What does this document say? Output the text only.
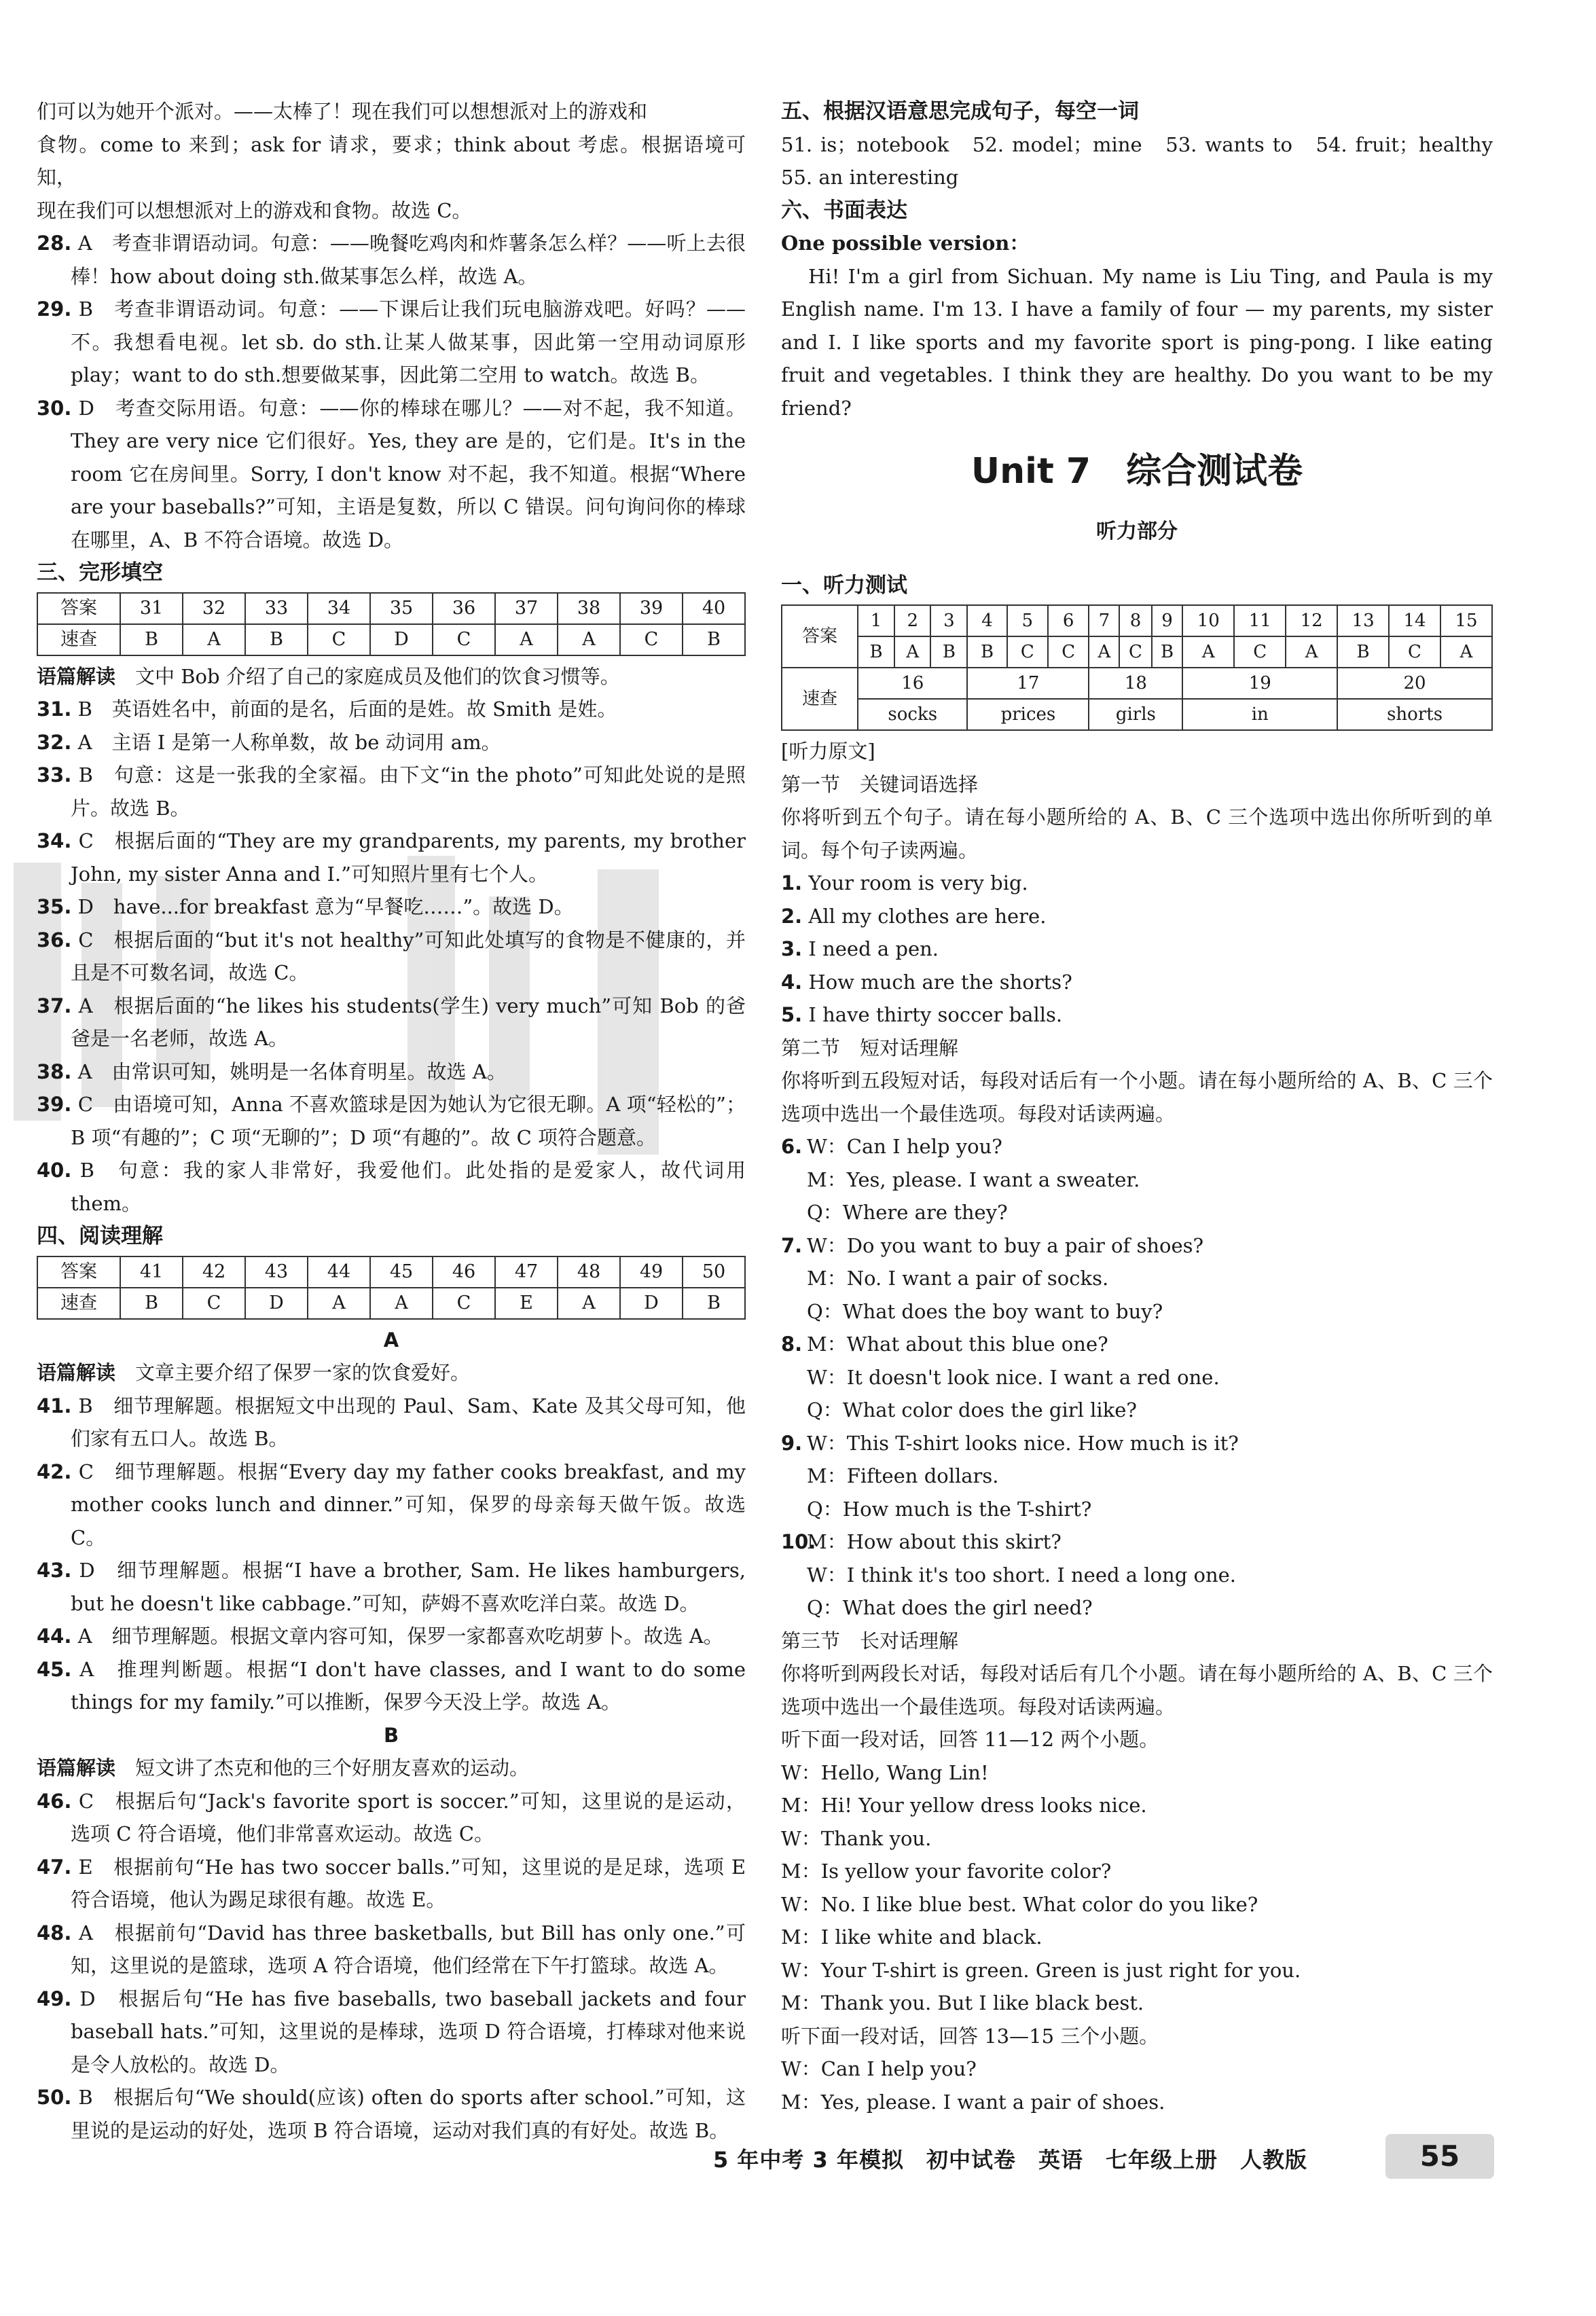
们可以为她开个派对。——太棒了！现在我们可以想想派对上的游戏和

食物。come to 来到；ask for 请求，要求；think about 考虑。根据语境可知，

现在我们可以想想派对上的游戏和食物。故选 C。

28. A　考查非谓语动词。句意：——晚餐吃鸡肉和炸薯条怎么样？——听上去很棒！how about doing sth.做某事怎么样，故选 A。

29. B　考查非谓语动词。句意：——下课后让我们玩电脑游戏吧。好吗？——不。我想看电视。let sb. do sth.让某人做某事，因此第一空用动词原形 play；want to do sth.想要做某事，因此第二空用 to watch。故选 B。

30. D　考查交际用语。句意：——你的棒球在哪儿？——对不起，我不知道。They are very nice 它们很好。Yes, they are 是的，它们是。It's in the room 它在房间里。Sorry, I don't know 对不起，我不知道。根据“Where are your baseballs?”可知，主语是复数，所以 C 错误。问句询问你的棒球在哪里，A、B 不符合语境。故选 D。

三、完形填空

答案	31	32	33	34	35	36	37	38	39	40
速查	B	A	B	C	D	C	A	A	C	B

语篇解读　文中 Bob 介绍了自己的家庭成员及他们的饮食习惯等。

31. B　英语姓名中，前面的是名，后面的是姓。故 Smith 是姓。

32. A　主语 I 是第一人称单数，故 be 动词用 am。

33. B　句意：这是一张我的全家福。由下文“in the photo”可知此处说的是照片。故选 B。

34. C　根据后面的“They are my grandparents, my parents, my brother John, my sister Anna and I.”可知照片里有七个人。

35. D　have...for breakfast 意为“早餐吃……”。故选 D。

36. C　根据后面的“but it's not healthy”可知此处填写的食物是不健康的，并且是不可数名词，故选 C。

37. A　根据后面的“he likes his students(学生) very much”可知 Bob 的爸爸是一名老师，故选 A。

38. A　由常识可知，姚明是一名体育明星。故选 A。

39. C　由语境可知，Anna 不喜欢篮球是因为她认为它很无聊。A 项“轻松的”；B 项“有趣的”；C 项“无聊的”；D 项“有趣的”。故 C 项符合题意。

40. B　句意：我的家人非常好，我爱他们。此处指的是爱家人，故代词用 them。

四、阅读理解

答案	41	42	43	44	45	46	47	48	49	50
速查	B	C	D	A	A	C	E	A	D	B

A

语篇解读　文章主要介绍了保罗一家的饮食爱好。

41. B　细节理解题。根据短文中出现的 Paul、Sam、Kate 及其父母可知，他们家有五口人。故选 B。

42. C　细节理解题。根据“Every day my father cooks breakfast, and my mother cooks lunch and dinner.”可知，保罗的母亲每天做午饭。故选 C。

43. D　细节理解题。根据“I have a brother, Sam. He likes hamburgers, but he doesn't like cabbage.”可知，萨姆不喜欢吃洋白菜。故选 D。

44. A　细节理解题。根据文章内容可知，保罗一家都喜欢吃胡萝卜。故选 A。

45. A　推理判断题。根据“I don't have classes, and I want to do some things for my family.”可以推断，保罗今天没上学。故选 A。

B

语篇解读　短文讲了杰克和他的三个好朋友喜欢的运动。

46. C　根据后句“Jack's favorite sport is soccer.”可知，这里说的是运动，选项 C 符合语境，他们非常喜欢运动。故选 C。

47. E　根据前句“He has two soccer balls.”可知，这里说的是足球，选项 E 符合语境，他认为踢足球很有趣。故选 E。

48. A　根据前句“David has three basketballs, but Bill has only one.”可知，这里说的是篮球，选项 A 符合语境，他们经常在下午打篮球。故选 A。

49. D　根据后句“He has five baseballs, two baseball jackets and four baseball hats.”可知，这里说的是棒球，选项 D 符合语境，打棒球对他来说是令人放松的。故选 D。

50. B　根据后句“We should(应该) often do sports after school.”可知，这里说的是运动的好处，选项 B 符合语境，运动对我们真的有好处。故选 B。

五、根据汉语意思完成句子，每空一词

51. is；notebook　52. model；mine　53. wants to　54. fruit；healthy　55. an interesting

六、书面表达

One possible version：

Hi! I'm a girl from Sichuan. My name is Liu Ting, and Paula is my English name. I'm 13. I have a family of four — my parents, my sister and I. I like sports and my favorite sport is ping-pong. I like eating fruit and vegetables. I think they are healthy. Do you want to be my friend?

Unit 7　综合测试卷

听力部分

一、听力测试

答案	1	2	3	4	5	6	7	8	9	10	11	12	13	14	15
	B	A	B	B	C	C	A	C	B	A	C	A	B	C	A
速查	16			17			18			19			20		
	socks			prices			girls			in			shorts		

[听力原文]

第一节　关键词语选择

你将听到五个句子。请在每小题所给的 A、B、C 三个选项中选出你所听到的单词。每个句子读两遍。

1. Your room is very big.

2. All my clothes are here.

3. I need a pen.

4. How much are the shorts?

5. I have thirty soccer balls.

第二节　短对话理解

你将听到五段短对话，每段对话后有一个小题。请在每小题所给的 A、B、C 三个选项中选出一个最佳选项。每段对话读两遍。

6. W：Can I help you?

M：Yes, please. I want a sweater.

Q：Where are they?

7. W：Do you want to buy a pair of shoes?

M：No. I want a pair of socks.

Q：What does the boy want to buy?

8. M：What about this blue one?

W：It doesn't look nice. I want a red one.

Q：What color does the girl like?

9. W：This T-shirt looks nice. How much is it?

M：Fifteen dollars.

Q：How much is the T-shirt?

10.M：How about this skirt?

W：I think it's too short. I need a long one.

Q：What does the girl need?

第三节　长对话理解

你将听到两段长对话，每段对话后有几个小题。请在每小题所给的 A、B、C 三个选项中选出一个最佳选项。每段对话读两遍。

听下面一段对话，回答 11—12 两个小题。

W：Hello, Wang Lin!

M：Hi! Your yellow dress looks nice.

W：Thank you.

M：Is yellow your favorite color?

W：No. I like blue best. What color do you like?

M：I like white and black.

W：Your T-shirt is green. Green is just right for you.

M：Thank you. But I like black best.

听下面一段对话，回答 13—15 三个小题。

W：Can I help you?

M：Yes, please. I want a pair of shoes.

5 年中考 3 年模拟　初中试卷　英语　七年级上册　人教版	55
